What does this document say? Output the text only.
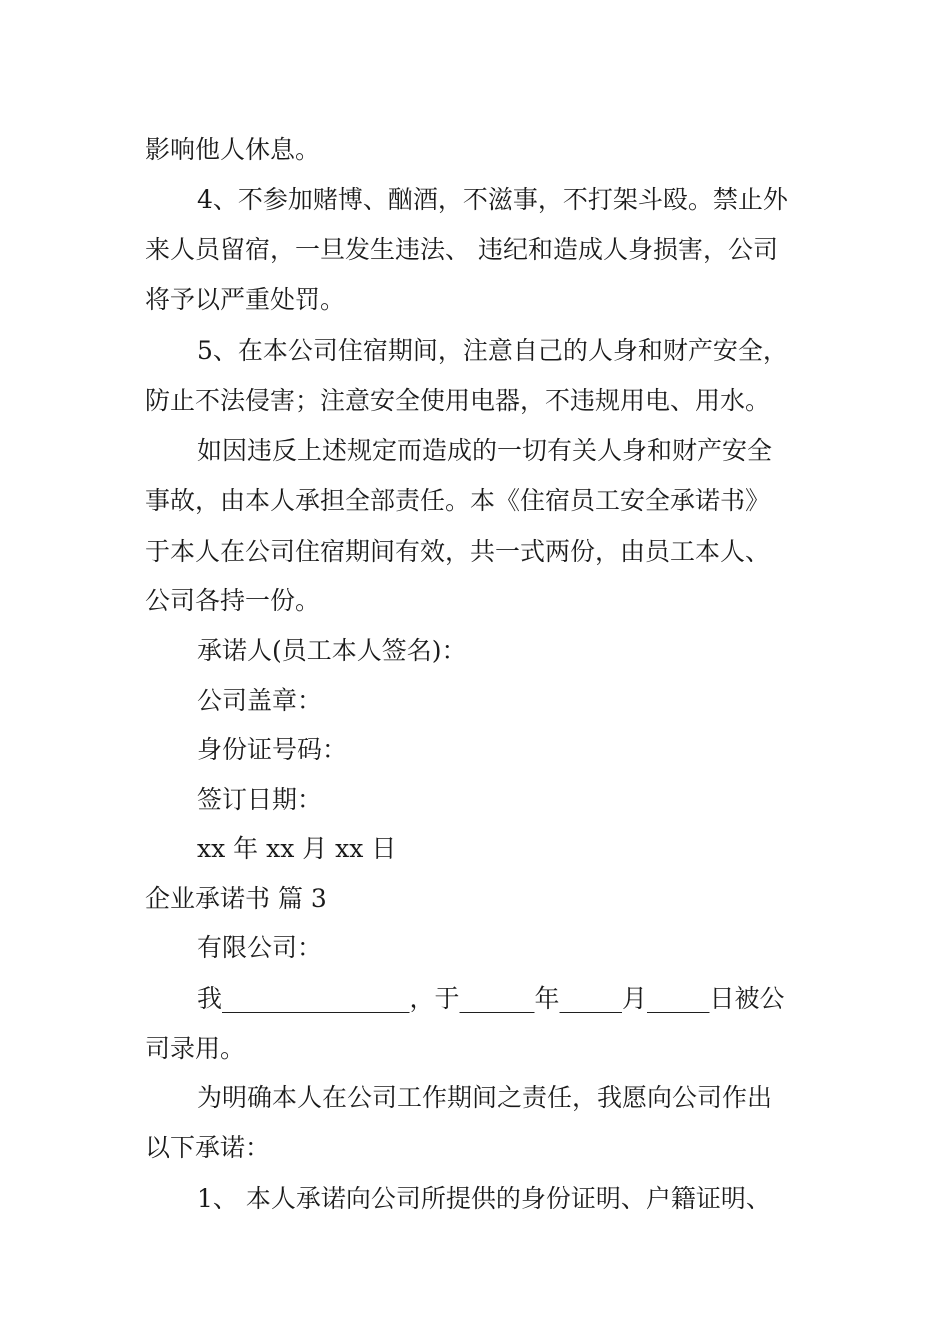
影响他人休息。
4、不参加赌博、酗酒，不滋事，不打架斗殴。禁止外
来人员留宿，一旦发生违法、 违纪和造成人身损害，公司
将予以严重处罚。
5、在本公司住宿期间，注意自己的人身和财产安全，
防止不法侵害；注意安全使用电器，不违规用电、用水。
如因违反上述规定而造成的一切有关人身和财产安全
事故，由本人承担全部责任。本《住宿员工安全承诺书》
于本人在公司住宿期间有效，共一式两份，由员工本人、
公司各持一份。
承诺人(员工本人签名)：
公司盖章：
身份证号码：
签订日期：
xx 年 xx 月 xx 日
企业承诺书 篇 3
有限公司：
我_______________，于______年_____月_____日被公
司录用。
为明确本人在公司工作期间之责任，我愿向公司作出
以下承诺：
1、 本人承诺向公司所提供的身份证明、户籍证明、
